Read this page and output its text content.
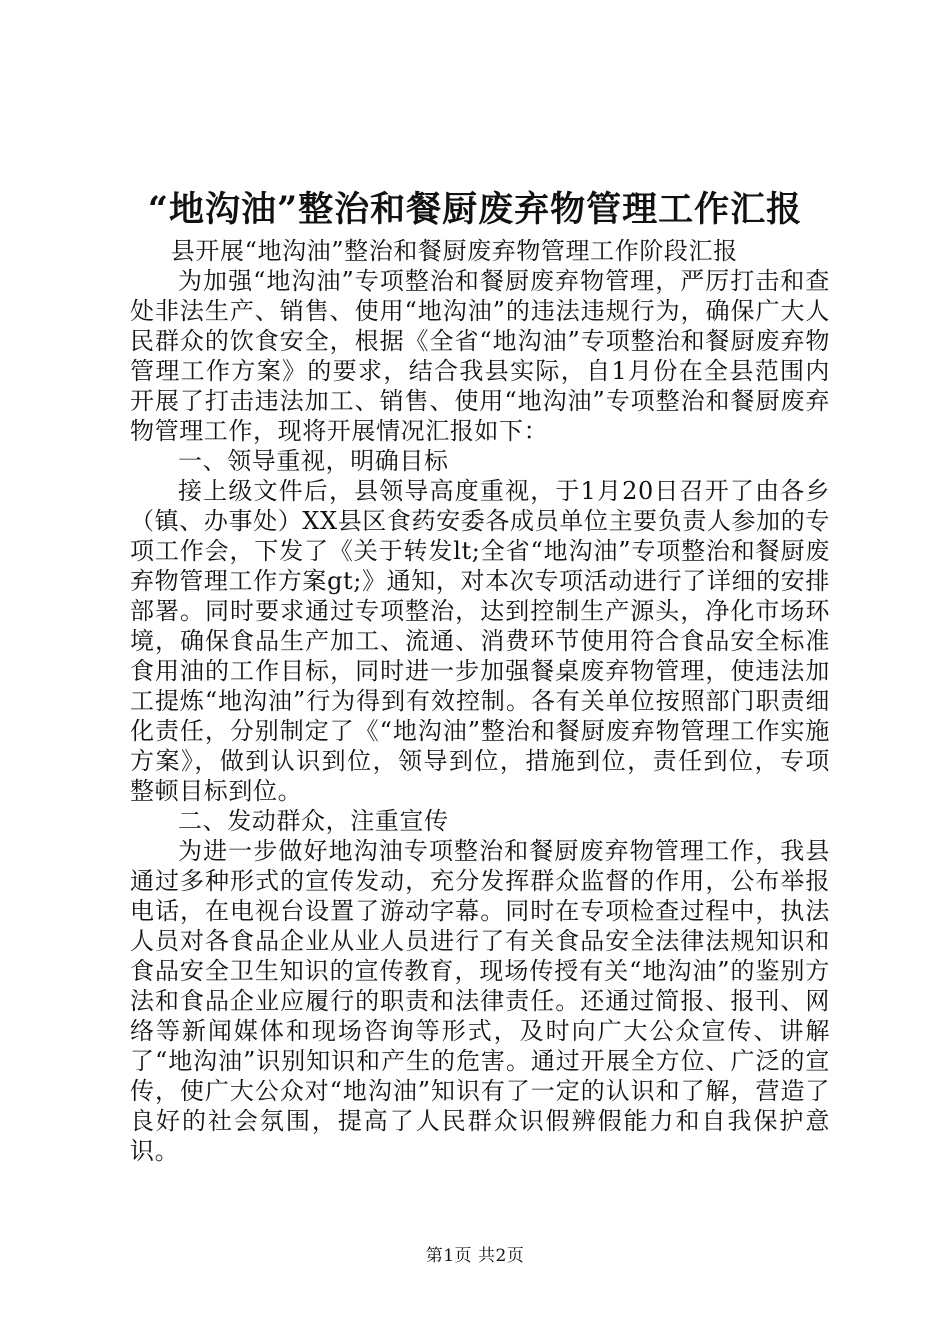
“地沟油”整治和餐厨废弃物管理工作汇报

县开展“地沟油”整治和餐厨废弃物管理工作阶段汇报

为加强“地沟油”专项整治和餐厨废弃物管理，严厉打击和查处非法生产、销售、使用“地沟油”的违法违规行为，确保广大人民群众的饮食安全，根据《全省“地沟油”专项整治和餐厨废弃物管理工作方案》的要求，结合我县实际，自1月份在全县范围内开展了打击违法加工、销售、使用“地沟油”专项整治和餐厨废弃物管理工作，现将开展情况汇报如下：

一、领导重视，明确目标

接上级文件后，县领导高度重视，于1月20日召开了由各乡（镇、办事处）XX县区食药安委各成员单位主要负责人参加的专项工作会，下发了《关于转发lt;全省“地沟油”专项整治和餐厨废弃物管理工作方案gt;》通知，对本次专项活动进行了详细的安排部署。同时要求通过专项整治，达到控制生产源头，净化市场环境，确保食品生产加工、流通、消费环节使用符合食品安全标准食用油的工作目标，同时进一步加强餐桌废弃物管理，使违法加工提炼“地沟油”行为得到有效控制。各有关单位按照部门职责细化责任，分别制定了《“地沟油”整治和餐厨废弃物管理工作实施方案》，做到认识到位，领导到位，措施到位，责任到位，专项整顿目标到位。

二、发动群众，注重宣传

为进一步做好地沟油专项整治和餐厨废弃物管理工作，我县通过多种形式的宣传发动，充分发挥群众监督的作用，公布举报电话，在电视台设置了游动字幕。同时在专项检查过程中，执法人员对各食品企业从业人员进行了有关食品安全法律法规知识和食品安全卫生知识的宣传教育，现场传授有关“地沟油”的鉴别方法和食品企业应履行的职责和法律责任。还通过简报、报刊、网络等新闻媒体和现场咨询等形式，及时向广大公众宣传、讲解了“地沟油”识别知识和产生的危害。通过开展全方位、广泛的宣传，使广大公众对“地沟油”知识有了一定的认识和了解，营造了良好的社会氛围，提高了人民群众识假辨假能力和自我保护意识。

第1页 共2页
